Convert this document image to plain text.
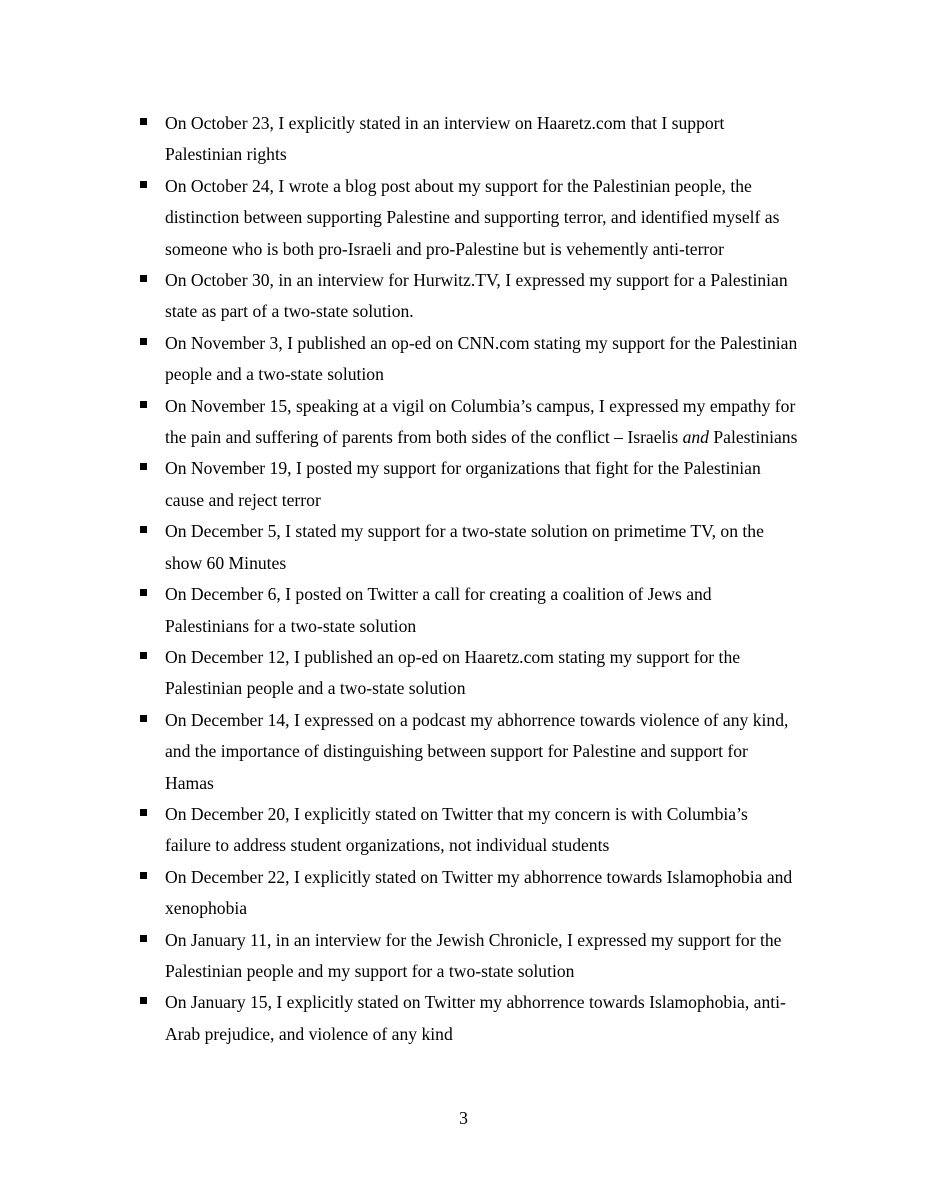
On October 23, I explicitly stated in an interview on Haaretz.com that I support
Palestinian rights
On October 24, I wrote a blog post about my support for the Palestinian people, the
distinction between supporting Palestine and supporting terror, and identified myself as
someone who is both pro-Israeli and pro-Palestine but is vehemently anti-terror
On October 30, in an interview for Hurwitz.TV, I expressed my support for a Palestinian
state as part of a two-state solution.
On November 3, I published an op-ed on CNN.com stating my support for the Palestinian
people and a two-state solution
On November 15, speaking at a vigil on Columbia’s campus, I expressed my empathy for
the pain and suffering of parents from both sides of the conflict – Israelis and Palestinians
On November 19, I posted my support for organizations that fight for the Palestinian
cause and reject terror
On December 5, I stated my support for a two-state solution on primetime TV, on the
show 60 Minutes
On December 6, I posted on Twitter a call for creating a coalition of Jews and
Palestinians for a two-state solution
On December 12, I published an op-ed on Haaretz.com stating my support for the
Palestinian people and a two-state solution
On December 14, I expressed on a podcast my abhorrence towards violence of any kind,
and the importance of distinguishing between support for Palestine and support for
Hamas
On December 20, I explicitly stated on Twitter that my concern is with Columbia’s
failure to address student organizations, not individual students
On December 22, I explicitly stated on Twitter my abhorrence towards Islamophobia and
xenophobia
On January 11, in an interview for the Jewish Chronicle, I expressed my support for the
Palestinian people and my support for a two-state solution
On January 15, I explicitly stated on Twitter my abhorrence towards Islamophobia, anti-
Arab prejudice, and violence of any kind
3
